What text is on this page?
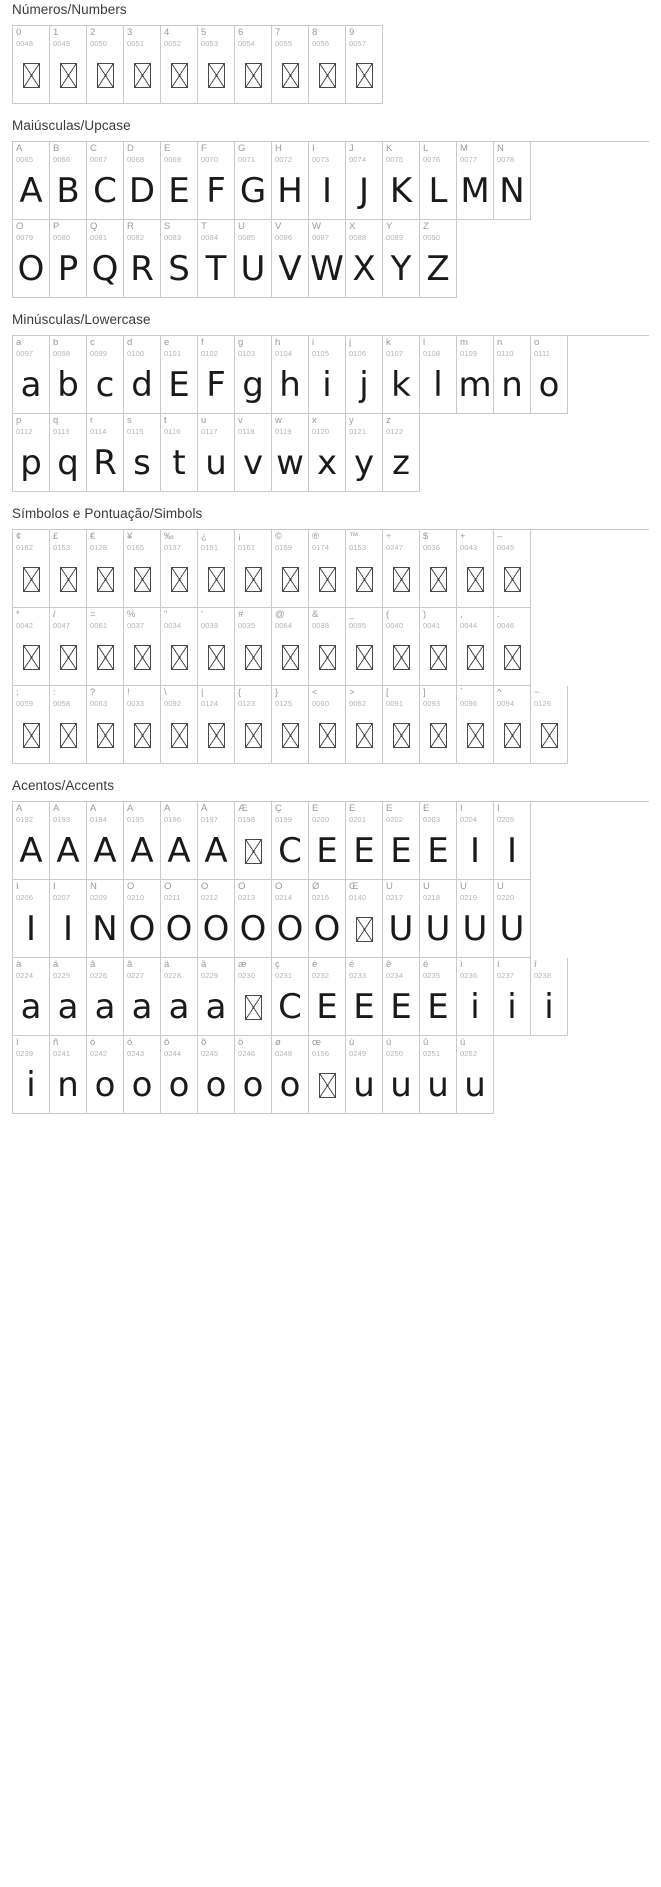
Números/Numbers
0
0048
1
0049
2
0050
3
0051
4
0052
5
0053
6
0054
7
0055
8
0056
9
0057
Maiúsculas/Upcase
A
0065
A
B
0066
B
C
0067
C
D
0068
D
E
0069
E
F
0070
F
G
0071
G
H
0072
H
I
0073
I
J
0074
J
K
0075
K
L
0076
L
M
0077
M
N
0078
N
O
0079
O
P
0080
P
Q
0081
Q
R
0082
R
S
0083
S
T
0084
T
U
0085
U
V
0086
V
W
0087
W
X
0088
X
Y
0089
Y
Z
0090
Z
Minúsculas/Lowercase
a
0097
a
b
0098
b
c
0099
c
d
0100
d
e
0101
E
f
0102
F
g
0103
g
h
0104
h
i
0105
i
j
0106
j
k
0107
k
l
0108
l
m
0109
m
n
0110
n
o
0111
o
p
0112
p
q
0113
q
r
0114
R
s
0115
s
t
0116
t
u
0117
u
v
0118
v
w
0119
w
x
0120
x
y
0121
y
z
0122
z
Símbolos e Pontuação/Simbols
¢
0162
£
0163
€
0128
¥
0165
‰
0137
¿
0191
¡
0161
©
0169
®
0174
™
0153
÷
0247
$
0036
+
0043
–
0045
*
0042
/
0047
=
0061
%
0037
"
0034
'
0039
#
0035
@
0064
&
0038
_
0095
(
0040
)
0041
,
0044
.
0046
;
0059
:
0058
?
0063
!
0033
\
0092
|
0124
{
0123
}
0125
<
0060
>
0062
[
0091
]
0093
`
0096
^
0094
~
0126
Acentos/Accents
À
0192
A
Á
0193
A
Â
0194
A
Ã
0195
A
Ä
0196
A
Å
0197
A
Æ
0198
Ç
0199
C
È
0200
E
É
0201
E
Ê
0202
E
Ë
0203
E
Ì
0204
I
Í
0205
I
Î
0206
I
Ï
0207
I
Ñ
0209
N
Ò
0210
O
Ó
0211
O
Ô
0212
O
Õ
0213
O
Ö
0214
O
Ø
0216
O
Œ
0140
Ù
0217
U
Ú
0218
U
Û
0219
U
Ü
0220
U
à
0224
a
á
0225
a
â
0226
a
ã
0227
a
ä
0228
a
å
0229
a
æ
0230
ç
0231
C
è
0232
E
é
0233
E
ê
0234
E
ë
0235
E
ì
0236
i
í
0237
i
î
0238
i
ï
0239
i
ñ
0241
n
ò
0242
o
ó
0243
o
ô
0244
o
õ
0245
o
ö
0246
o
ø
0248
o
œ
0156
ù
0249
u
ú
0250
u
û
0251
u
ü
0252
u
